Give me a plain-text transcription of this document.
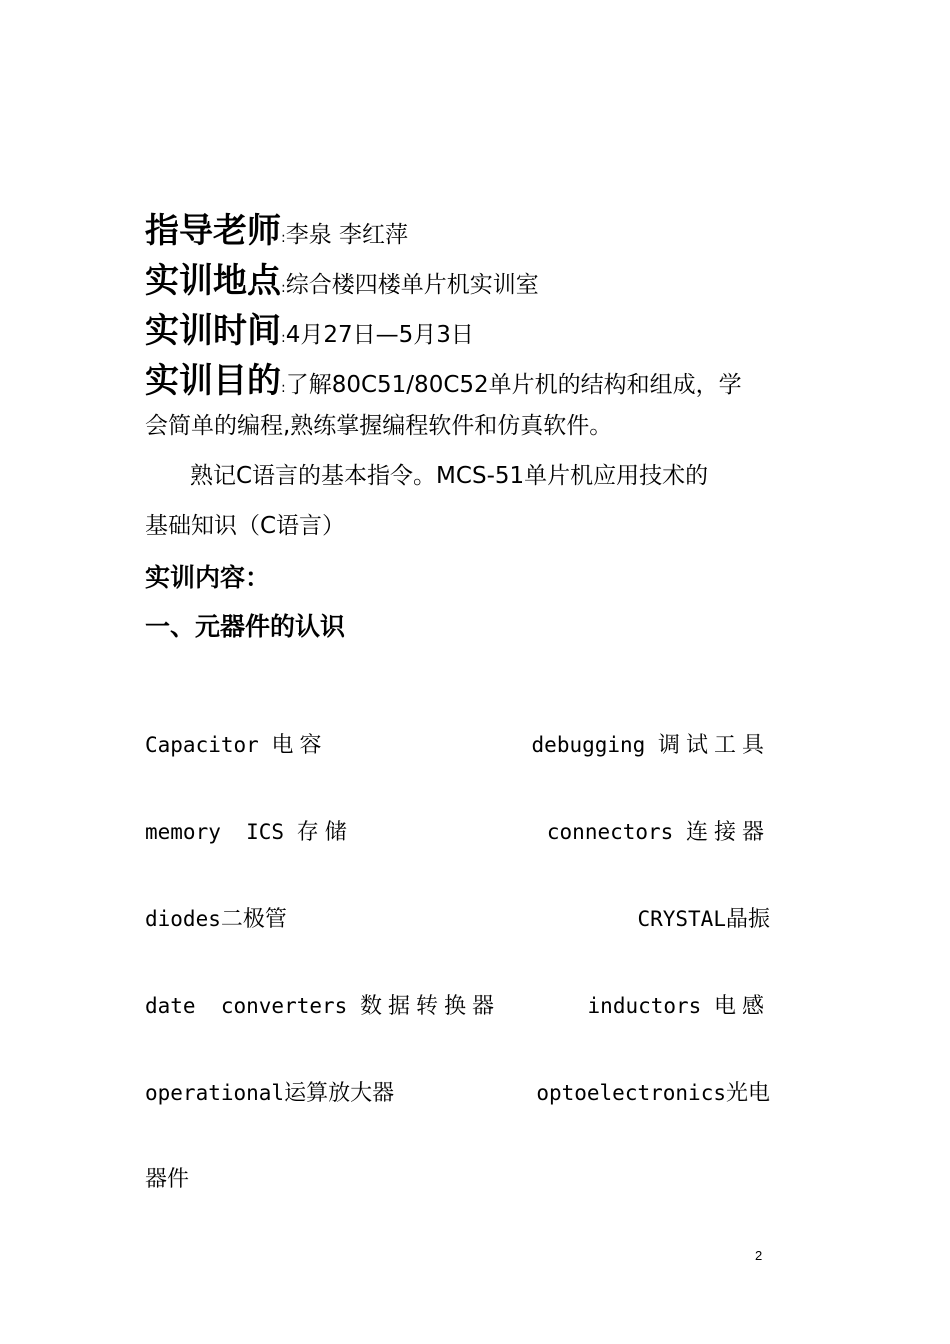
指导老师:李泉 李红萍
实训地点:综合楼四楼单片机实训室
实训时间:4月27日—5月3日
实训目的:了解80C51/80C52单片机的结构和组成，学
会简单的编程,熟练掌握编程软件和仿真软件。
熟记C语言的基本指令。MCS-51单片机应用技术的
基础知识（C语言）
实训内容：
一、元器件的认识
Capacitor 电容	debugging 调试工具
memory  ICS 存储	connectors 连接器
diodes二极管	CRYSTAL晶振
date  converters 数据转换器	inductors 电感
operational运算放大器	optoelectronics光电
器件
2
